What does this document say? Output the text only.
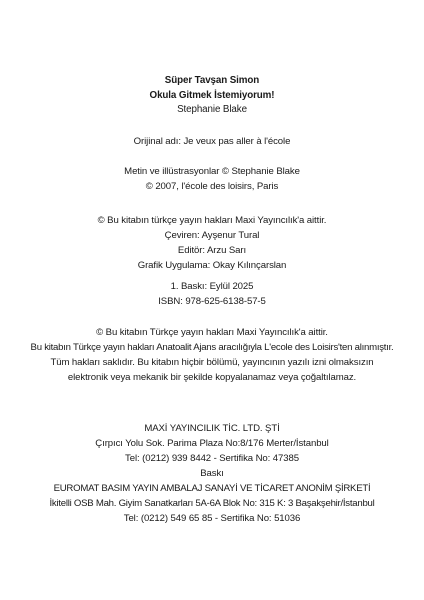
Süper Tavşan Simon
Okula Gitmek İstemiyorum!
Stephanie Blake
Orijinal adı: Je veux pas aller à l'école
Metin ve illüstrasyonlar © Stephanie Blake
© 2007, l'école des loisirs, Paris
© Bu kitabın türkçe yayın hakları Maxi Yayıncılık'a aittir.
Çeviren: Ayşenur Tural
Editör: Arzu Sarı
Grafik Uygulama: Okay Kılınçarslan
1. Baskı: Eylül 2025
ISBN: 978-625-6138-57-5
© Bu kitabın Türkçe yayın hakları Maxi Yayıncılık'a aittir.
Bu kitabın Türkçe yayın hakları Anatoalit Ajans aracılığıyla L'ecole des Loisirs'ten alınmıştır.
Tüm hakları saklıdır. Bu kitabın hiçbir bölümü, yayıncının yazılı izni olmaksızın
elektronik veya mekanik bir şekilde kopyalanamaz veya çoğaltılamaz.
MAXİ YAYINCILIK TİC. LTD. ŞTİ
Çırpıcı Yolu Sok. Parima Plaza No:8/176 Merter/İstanbul
Tel: (0212) 939 8442 - Sertifika No: 47385
Baskı
EUROMAT BASIM YAYIN AMBALAJ SANAYİ VE TİCARET ANONİM ŞİRKETİ
İkitelli OSB Mah. Giyim Sanatkarları 5A-6A Blok No: 315 K: 3 Başakşehir/İstanbul
Tel: (0212) 549 65 85 - Sertifika No: 51036
